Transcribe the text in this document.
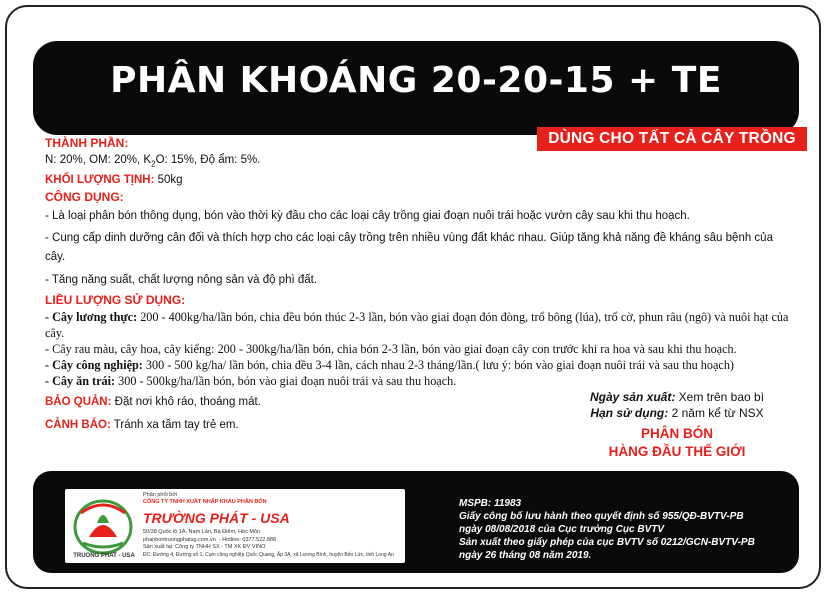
PHÂN KHOÁNG 20-20-15 + TE
DÙNG CHO TẤT CẢ CÂY TRỒNG
THÀNH PHẦN:
N: 20%, OM: 20%, $K_2O$: 15%, Độ ẩm: 5%.
KHỐI LƯỢNG TỊNH: 50kg
CÔNG DỤNG:
- Là loại phân bón thông dụng, bón vào thời kỳ đầu cho các loại cây trồng giai đoạn nuôi trái hoặc vườn cây sau khi thu hoạch.
- Cung cấp dinh dưỡng cân đối và thích hợp cho các loại cây trồng trên nhiều vùng đất khác nhau. Giúp tăng khả năng đề kháng sâu bệnh của cây.
- Tăng năng suất, chất lượng nông sản và độ phì đất.
LIỀU LƯỢNG SỬ DỤNG:
- Cây lương thực: 200 - 400kg/ha/lần bón, chia đều bón thúc 2-3 lần, bón vào giai đoạn đón đòng, trổ bông (lúa), trổ cờ, phun râu (ngô) và nuôi hạt của cây.
- Cây rau màu, cây hoa, cây kiểng: 200 - 300kg/ha/lần bón, chia bón 2-3 lần, bón vào giai đoạn cây con trước khi ra hoa và sau khi thu hoạch.
- Cây công nghiệp: 300 - 500 kg/ha/ lần bón, chia đều 3-4 lần, cách nhau 2-3 tháng/lần.( lưu ý: bón vào giai đoạn nuôi trái và sau thu hoạch)
- Cây ăn trái: 300 - 500kg/ha/lần bón, bón vào giai đoạn nuôi trái và sau thu hoạch.
BẢO QUẢN: Đặt nơi khô ráo, thoáng mát.
CẢNH BÁO: Tránh xa tầm tay trẻ em.
Ngày sản xuất: Xem trên bao bì
Hạn sử dụng: 2 năm kể từ NSX
PHÂN BÓN
HÀNG ĐẦU THẾ GIỚI
TRUONG PHAT - USA
Phân phối bởi
CÔNG TY TNHH XUẤT NHẬP KHẨU PHÂN BÓN
TRƯỜNG PHÁT - USA
50/38 Quốc lộ 1A, Nam Lân, Bà Điểm, Hóc Môn
phanbontruongphatsg.com.vn - Hotline: 0377.522.888
Sản xuất tại: Công ty TNHH SX - TM XK ĐV VINO
ĐC: Đường 4, Đường số 1, Cụm công nghiệp Quốc Quang, Ấp 3A, xã Lương Bình, huyện Bến Lức, tỉnh Long An
MSPB: 11983
Giấy công bố lưu hành theo quyết định số 955/QĐ-BVTV-PB
ngày 08/08/2018 của Cục trưởng Cục BVTV
Sản xuất theo giấy phép của cục BVTV số 0212/GCN-BVTV-PB
ngày 26 tháng 08 năm 2019.
